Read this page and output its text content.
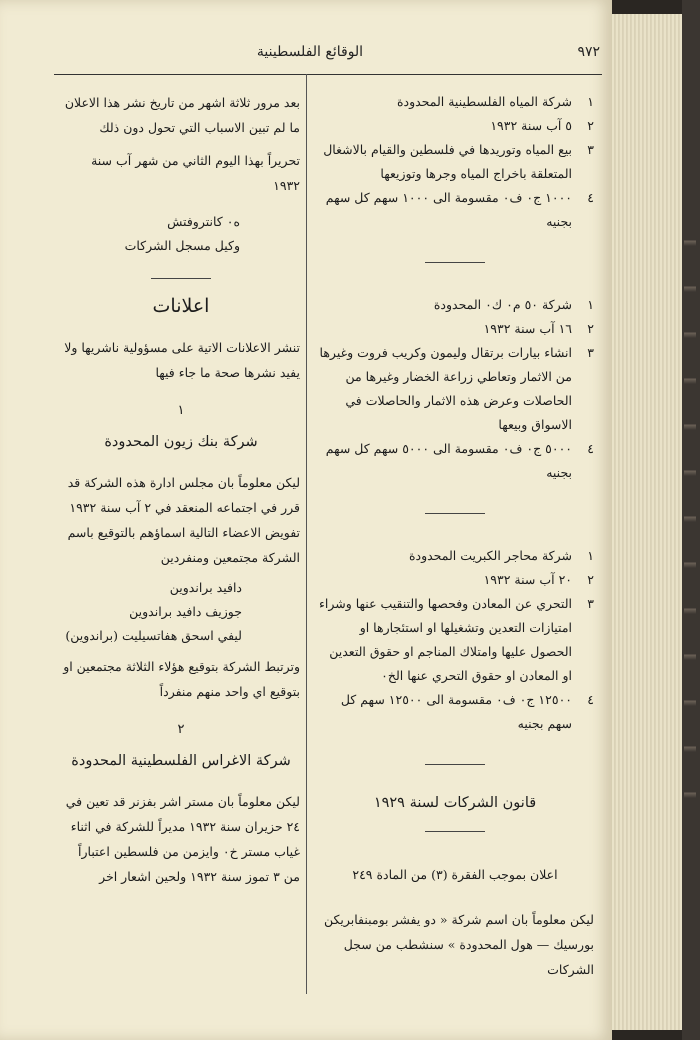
٩٧٢
الوقائع الفلسطينية
١
شركة المياه الفلسطينية المحدودة
٢
٥ آب سنة ١٩٣٢
٣
بيع المياه وتوريدها في فلسطين والقيام بالاشغال المتعلقة باخراج المياه وجرها وتوزيعها
٤
١٠٠٠ ج٠ ف٠ مقسومة الى ١٠٠٠ سهم كل سهم بجنيه
١
شركة ٥٠ م٠ ك٠ المحدودة
٢
١٦ آب سنة ١٩٣٢
٣
انشاء بيارات برتقال وليمون وكريب فروت وغيرها من الاثمار وتعاطي زراعة الخضار وغيرها من الحاصلات وعرض هذه الاثمار والحاصلات في الاسواق وبيعها
٤
٥٠٠٠ ج٠ ف٠ مقسومة الى ٥٠٠٠ سهم كل سهم بجنيه
١
شركة محاجر الكبريت المحدودة
٢
٢٠ آب سنة ١٩٣٢
٣
التحري عن المعادن وفحصها والتنقيب عنها وشراء امتيازات التعدين وتشغيلها او استئجارها او الحصول عليها وامتلاك المناجم او حقوق التعدين او المعادن او حقوق التحري عنها الخ٠
٤
١٢٥٠٠ ج٠ ف٠ مقسومة الى ١٢٥٠٠ سهم كل سهم بجنيه
قانون الشركات لسنة ١٩٢٩
اعلان بموجب الفقرة (٣) من المادة ٢٤٩

ليكن معلوماً بان اسم شركة « دو يفشر بومبنفابريكن بورسيك — هول المحدودة » سنشطب من سجل الشركات

بعد مرور ثلاثة اشهر من تاريخ نشر هذا الاعلان ما لم تبين الاسباب التي تحول دون ذلك

تحريراً بهذا اليوم الثاني من شهر آب سنة ١٩٣٢

ه٠ كانتروفتش
وكيل مسجل الشركات
اعلانات

تنشر الاعلانات الاتية على مسؤولية ناشريها ولا يفيد نشرها صحة ما جاء فيها

١
شركة بنك زيون المحدودة

ليكن معلوماً بان مجلس ادارة هذه الشركة قد قرر في اجتماعه المنعقد في ٢ آب سنة ١٩٣٢ تفويض الاعضاء التالية اسماؤهم بالتوقيع باسم الشركة مجتمعين ومنفردين

دافيد براندوين
جوزيف دافيد براندوين
ليفي اسحق هفاتسيليت (براندوين)

وترتبط الشركة بتوقيع هؤلاء الثلاثة مجتمعين او بتوقيع اي واحد منهم منفرداً

٢
شركة الاغراس الفلسطينية المحدودة

ليكن معلوماً بان مستر اشر بفزنر قد تعين في ٢٤ حزيران سنة ١٩٣٢ مديراً للشركة في اثناء غياب مستر خ٠ وايزمن من فلسطين اعتباراً من ٣ تموز سنة ١٩٣٢ ولحين اشعار اخر
